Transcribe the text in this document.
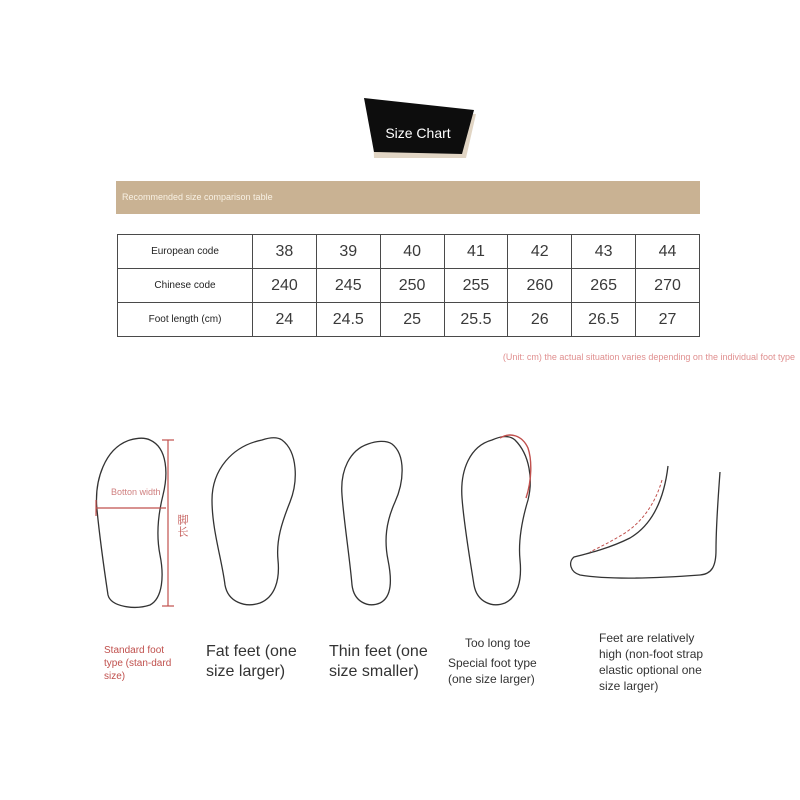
Size Chart
Recommended size comparison table
European code	38	39	40	41	42	43	44
Chinese code	240	245	250	255	260	265	270
Foot length (cm)	24	24.5	25	25.5	26	26.5	27
(Unit: cm) the actual situation varies depending on the individual foot type
Botton width
脚长
Standard foot type (stan-dard size)
Fat feet (one size larger)
Thin feet (one size smaller)
Too long toe
Special foot type (one size larger)
Feet are relatively high (non-foot strap elastic optional one size larger)
